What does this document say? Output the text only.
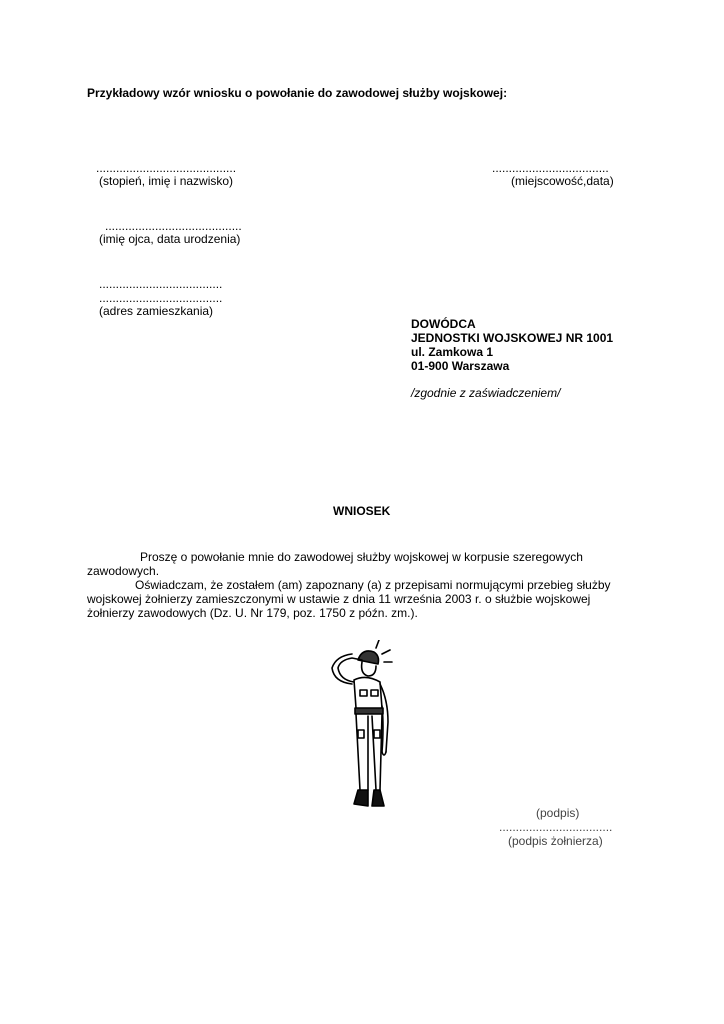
Przykładowy wzór wniosku o powołanie do zawodowej służby wojskowej:
..........................................
(stopień, imię i nazwisko)
...................................
(miejscowość,data)
.........................................
(imię ojca, data urodzenia)
.....................................
.....................................
(adres zamieszkania)
DOWÓDCA
JEDNOSTKI WOJSKOWEJ NR 1001
ul. Zamkowa 1
01-900 Warszawa
/zgodnie z zaświadczeniem/
WNIOSEK
Proszę o powołanie mnie do zawodowej służby wojskowej w korpusie szeregowych
zawodowych.
Oświadczam, że zostałem (am) zapoznany (a) z przepisami normującymi przebieg służby
wojskowej żołnierzy zamieszczonymi w ustawie z dnia 11 września 2003 r. o służbie wojskowej
żołnierzy zawodowych (Dz. U. Nr 179, poz. 1750 z późn. zm.).
(podpis)
..................................
(podpis żołnierza)
